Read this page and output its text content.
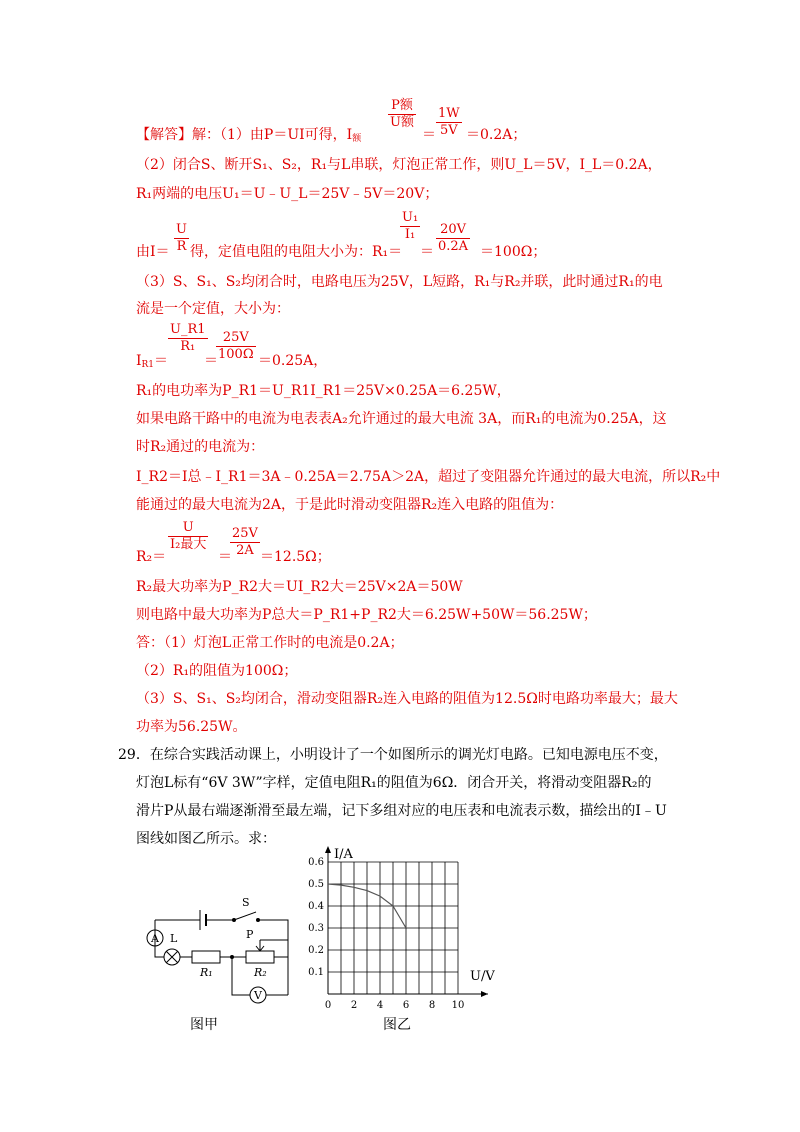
【解答】解：（1）由P＝UI可得，$I_额$
P额
U额
＝ $\frac{1W}{5V} =0.2A$；
（2）闭合S、断开S₁、S₂，R₁与L串联，灯泡正常工作，则U_L＝5V，I_L＝0.2A，
R₁两端的电压U₁＝U﹣U_L＝25V﹣5V＝20V；
由$I= \frac{U}{R}$ 得，定值电阻的电阻大小为：R₁＝
$\frac{\text{U₁}}{\text{I₁}}$
＝ $\frac{20V}{0.2A} =100\Omega$；
（3）S、S₁、S₂均闭合时，电路电压为25V，L短路，R₁与R₂并联，此时通过R₁的电
流是一个定值，大小为：
$I_{R1}=$
$\frac{U\_R1}{\text{R₁}}$
＝
$\frac{25V}{100\Omega} =0.25A$，
R₁的电功率为P_R1＝U_R1I_R1＝25V×0.25A＝6.25W，
如果电路干路中的电流为电表表A₂允许通过的最大电流 3A，而R₁的电流为0.25A，这
时R₂通过的电流为：
I_R2＝I总﹣I_R1＝3A﹣0.25A＝2.75A＞2A，超过了变阻器允许通过的最大电流，所以R₂中
能通过的最大电流为2A，于是此时滑动变阻器R₂连入电路的阻值为：
R₂＝
U
I₂最大
＝
$\frac{25V}{2A} =12.5\Omega$；
R₂最大功率为P_R2大＝UI_R2大＝25V×2A＝50W
则电路中最大功率为P总大＝P_R1+P_R2大＝6.25W+50W＝56.25W；
答：（1）灯泡L正常工作时的电流是0.2A；
（2）R₁的阻值为100Ω；
（3）S、S₁、S₂均闭合，滑动变阻器R₂连入电路的阻值为12.5Ω时电路功率最大；最大
功率为56.25W。
29．在综合实践活动课上，小明设计了一个如图所示的调光灯电路。已知电源电压不变，
灯泡L标有“6V 3W”字样，定值电阻R₁的阻值为6Ω．闭合开关，将滑动变阻器R₂的
滑片P从最右端逐渐滑至最左端，记下多组对应的电压表和电流表示数，描绘出的I﹣U
图线如图乙所示。求：
S
A L	P
R₁	R₂
V
图甲
0 2 4 6 8 10
0.1
0.2
0.3
0.4
0.5
0.6
I/A
U/V
图乙
